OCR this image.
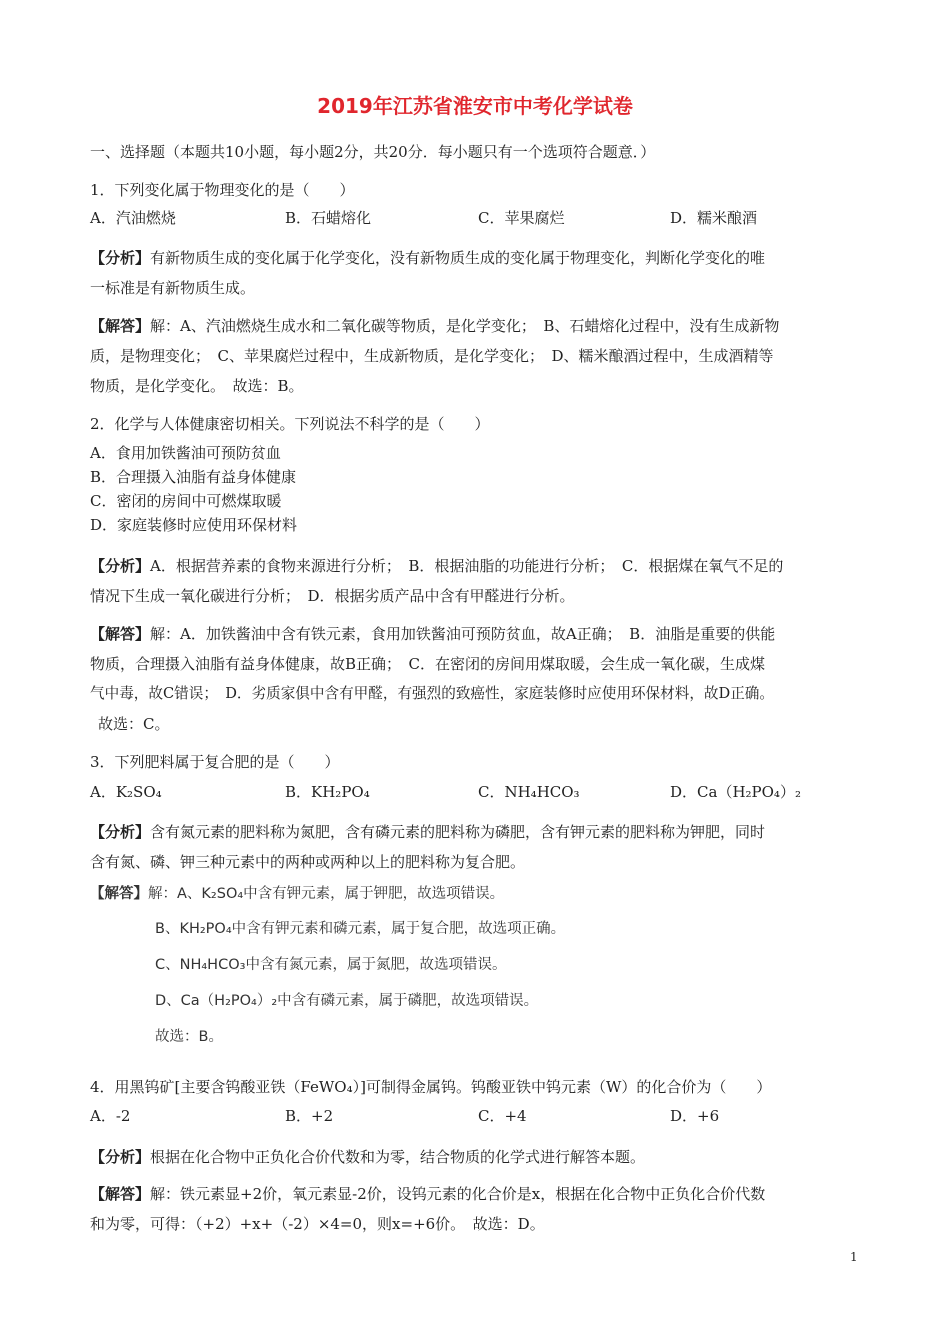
2019年江苏省淮安市中考化学试卷
一、选择题（本题共10小题，每小题2分，共20分．每小题只有一个选项符合题意．）
1．下列变化属于物理变化的是（　　）
A．汽油燃烧	B．石蜡熔化	C．苹果腐烂	D．糯米酿酒
【分析】有新物质生成的变化属于化学变化，没有新物质生成的变化属于物理变化，判断化学变化的唯
一标准是有新物质生成。
【解答】解：A、汽油燃烧生成水和二氧化碳等物质，是化学变化；　B、石蜡熔化过程中，没有生成新物
质，是物理变化；　C、苹果腐烂过程中，生成新物质，是化学变化；　D、糯米酿酒过程中，生成酒精等
物质，是化学变化。　故选：B。
2．化学与人体健康密切相关。下列说法不科学的是（　　）
A．食用加铁酱油可预防贫血
B．合理摄入油脂有益身体健康
C．密闭的房间中可燃煤取暖
D．家庭装修时应使用环保材料
【分析】A．根据营养素的食物来源进行分析；　B．根据油脂的功能进行分析；　C．根据煤在氧气不足的
情况下生成一氧化碳进行分析；　D．根据劣质产品中含有甲醛进行分析。
【解答】解：A．加铁酱油中含有铁元素，食用加铁酱油可预防贫血，故A正确；　B．油脂是重要的供能
物质，合理摄入油脂有益身体健康，故B正确；　C．在密闭的房间用煤取暖，会生成一氧化碳，生成煤
气中毒，故C错误；　D．劣质家俱中含有甲醛，有强烈的致癌性，家庭装修时应使用环保材料，故D正确。
故选：C。
3．下列肥料属于复合肥的是（　　）
A．K₂SO₄	B．KH₂PO₄	C．NH₄HCO₃	D．Ca（H₂PO₄）₂
【分析】含有氮元素的肥料称为氮肥，含有磷元素的肥料称为磷肥，含有钾元素的肥料称为钾肥，同时
含有氮、磷、钾三种元素中的两种或两种以上的肥料称为复合肥。
【解答】解：A、K₂SO₄中含有钾元素，属于钾肥，故选项错误。
B、KH₂PO₄中含有钾元素和磷元素，属于复合肥，故选项正确。
C、NH₄HCO₃中含有氮元素，属于氮肥，故选项错误。
D、Ca（H₂PO₄）₂中含有磷元素，属于磷肥，故选项错误。
故选：B。
4．用黑钨矿[主要含钨酸亚铁（FeWO₄）]可制得金属钨。钨酸亚铁中钨元素（W）的化合价为（　　）
A．-2	B．+2	C．+4	D．+6
【分析】根据在化合物中正负化合价代数和为零，结合物质的化学式进行解答本题。
【解答】解：铁元素显+2价，氧元素显-2价，设钨元素的化合价是x，根据在化合物中正负化合价代数
和为零，可得：（+2）+x+（-2）×4=0，则x=+6价。　故选：D。
1
